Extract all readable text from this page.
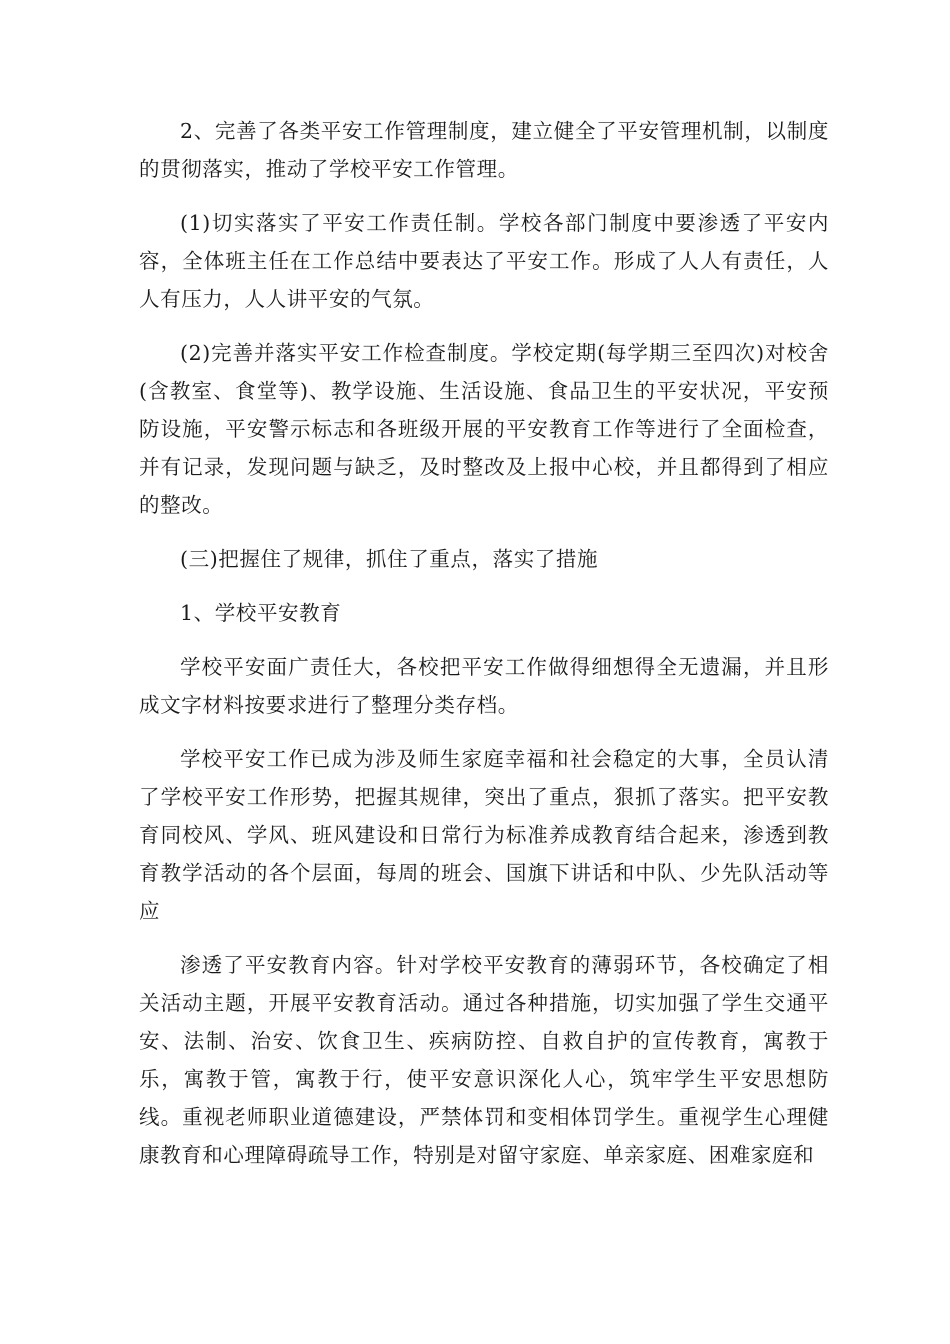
2、完善了各类平安工作管理制度，建立健全了平安管理机制，以制度的贯彻落实，推动了学校平安工作管理。

(1)切实落实了平安工作责任制。学校各部门制度中要渗透了平安内容，全体班主任在工作总结中要表达了平安工作。形成了人人有责任，人人有压力，人人讲平安的气氛。

(2)完善并落实平安工作检查制度。学校定期(每学期三至四次)对校舍(含教室、食堂等)、教学设施、生活设施、食品卫生的平安状况，平安预防设施，平安警示标志和各班级开展的平安教育工作等进行了全面检查，并有记录，发现问题与缺乏，及时整改及上报中心校，并且都得到了相应的整改。

(三)把握住了规律，抓住了重点，落实了措施

1、学校平安教育

学校平安面广责任大，各校把平安工作做得细想得全无遗漏，并且形成文字材料按要求进行了整理分类存档。

学校平安工作已成为涉及师生家庭幸福和社会稳定的大事，全员认清了学校平安工作形势，把握其规律，突出了重点，狠抓了落实。把平安教育同校风、学风、班风建设和日常行为标准养成教育结合起来，渗透到教育教学活动的各个层面，每周的班会、国旗下讲话和中队、少先队活动等应

渗透了平安教育内容。针对学校平安教育的薄弱环节，各校确定了相关活动主题，开展平安教育活动。通过各种措施，切实加强了学生交通平安、法制、治安、饮食卫生、疾病防控、自救自护的宣传教育，寓教于乐，寓教于管，寓教于行，使平安意识深化人心，筑牢学生平安思想防线。重视老师职业道德建设，严禁体罚和变相体罚学生。重视学生心理健康教育和心理障碍疏导工作，特别是对留守家庭、单亲家庭、困难家庭和
